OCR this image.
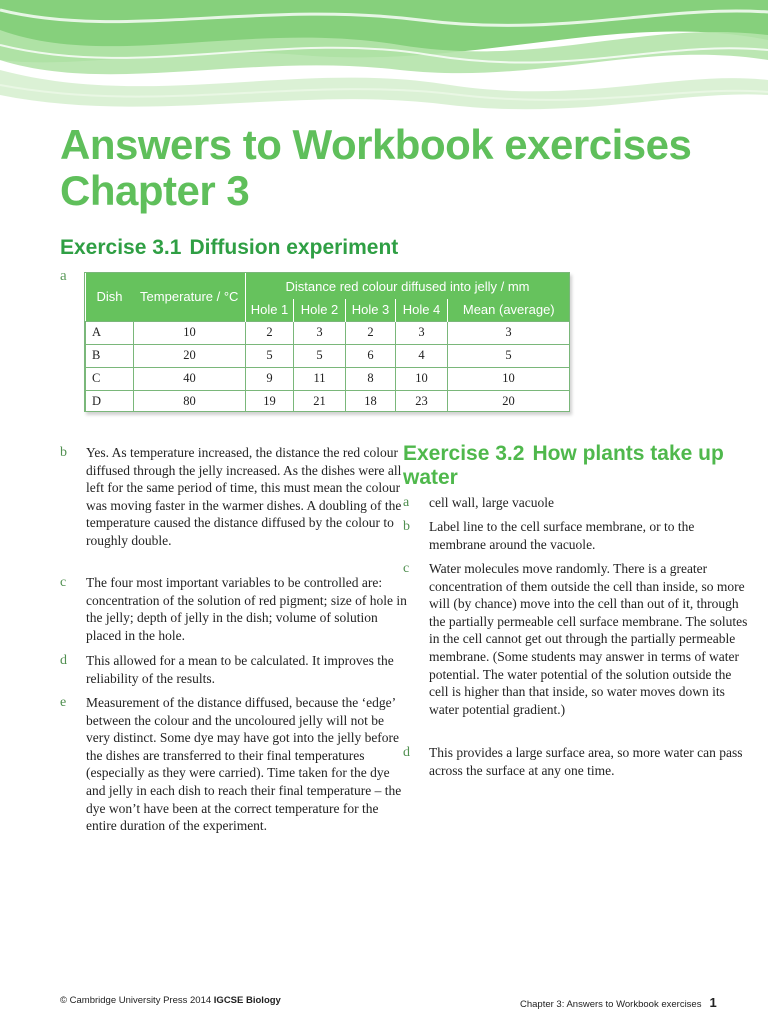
Answers to Workbook exercises
Chapter 3
Exercise 3.1 Diffusion experiment
a
Dish	Temperature / °C	Distance red colour diffused into jelly / mm				
		Hole 1	Hole 2	Hole 3	Hole 4	Mean (average)
A	10	2	3	2	3	3
B	20	5	5	6	4	5
C	40	9	11	8	10	10
D	80	19	21	18	23	20
b Yes. As temperature increased, the distance the red colour diffused through the jelly increased. As the dishes were all left for the same period of time, this must mean the colour was moving faster in the warmer dishes. A doubling of the temperature caused the distance diffused by the colour to roughly double.
c The four most important variables to be controlled are: concentration of the solution of red pigment; size of hole in the jelly; depth of jelly in the dish; volume of solution placed in the hole.
d This allowed for a mean to be calculated. It improves the reliability of the results.
e Measurement of the distance diffused, because the ‘edge’ between the colour and the uncoloured jelly will not be very distinct. Some dye may have got into the jelly before the dishes are transferred to their final temperatures (especially as they were carried). Time taken for the dye and jelly in each dish to reach their final temperature – the dye won’t have been at the correct temperature for the entire duration of the experiment.
Exercise 3.2 How plants take up water
a cell wall, large vacuole
b Label line to the cell surface membrane, or to the membrane around the vacuole.
c Water molecules move randomly. There is a greater concentration of them outside the cell than inside, so more will (by chance) move into the cell than out of it, through the partially permeable cell surface membrane. The solutes in the cell cannot get out through the partially permeable membrane. (Some students may answer in terms of water potential. The water potential of the solution outside the cell is higher than that inside, so water moves down its water potential gradient.)
d This provides a large surface area, so more water can pass across the surface at any one time.
© Cambridge University Press 2014 IGCSE Biology	Chapter 3: Answers to Workbook exercises 1
